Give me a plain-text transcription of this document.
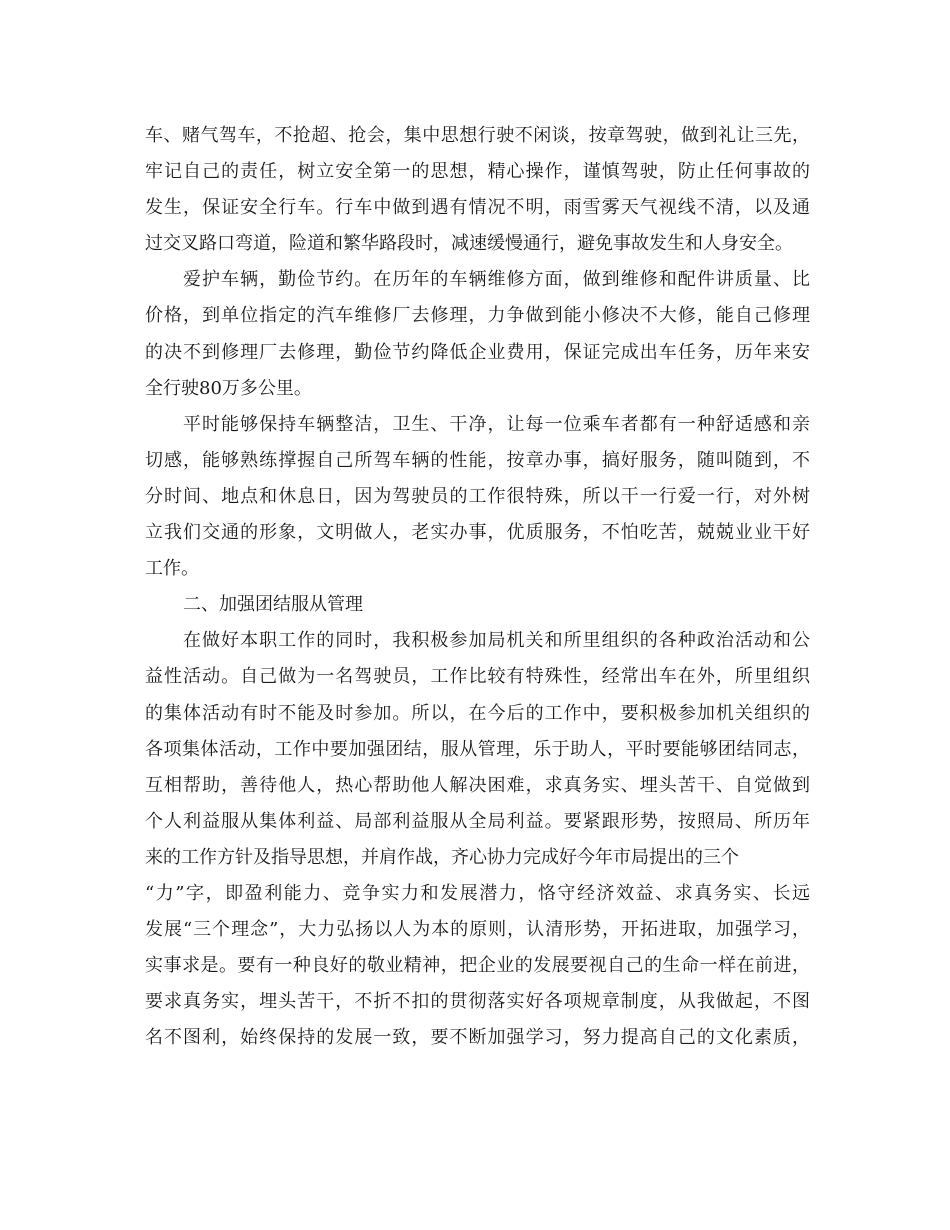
车、赌气驾车，不抢超、抢会，集中思想行驶不闲谈，按章驾驶，做到礼让三先，
牢记自己的责任，树立安全第一的思想，精心操作，谨慎驾驶，防止任何事故的
发生，保证安全行车。行车中做到遇有情况不明，雨雪雾天气视线不清，以及通
过交叉路口弯道，险道和繁华路段时，减速缓慢通行，避免事故发生和人身安全。
爱护车辆，勤俭节约。在历年的车辆维修方面，做到维修和配件讲质量、比
价格，到单位指定的汽车维修厂去修理，力争做到能小修决不大修，能自己修理
的决不到修理厂去修理，勤俭节约降低企业费用，保证完成出车任务，历年来安
全行驶80万多公里。
平时能够保持车辆整洁，卫生、干净，让每一位乘车者都有一种舒适感和亲
切感，能够熟练撑握自己所驾车辆的性能，按章办事，搞好服务，随叫随到，不
分时间、地点和休息日，因为驾驶员的工作很特殊，所以干一行爱一行，对外树
立我们交通的形象，文明做人，老实办事，优质服务，不怕吃苦，兢兢业业干好
工作。
二、加强团结服从管理
在做好本职工作的同时，我积极参加局机关和所里组织的各种政治活动和公
益性活动。自己做为一名驾驶员，工作比较有特殊性，经常出车在外，所里组织
的集体活动有时不能及时参加。所以，在今后的工作中，要积极参加机关组织的
各项集体活动，工作中要加强团结，服从管理，乐于助人，平时要能够团结同志，
互相帮助，善待他人，热心帮助他人解决困难，求真务实、埋头苦干、自觉做到
个人利益服从集体利益、局部利益服从全局利益。要紧跟形势，按照局、所历年
来的工作方针及指导思想，并肩作战，齐心协力完成好今年市局提出的三个
“力”字，即盈利能力、竞争实力和发展潜力，恪守经济效益、求真务实、长远
发展“三个理念”，大力弘扬以人为本的原则，认清形势，开拓进取，加强学习，
实事求是。要有一种良好的敬业精神，把企业的发展要视自己的生命一样在前进，
要求真务实，埋头苦干，不折不扣的贯彻落实好各项规章制度，从我做起，不图
名不图利，始终保持的发展一致，要不断加强学习，努力提高自己的文化素质，
